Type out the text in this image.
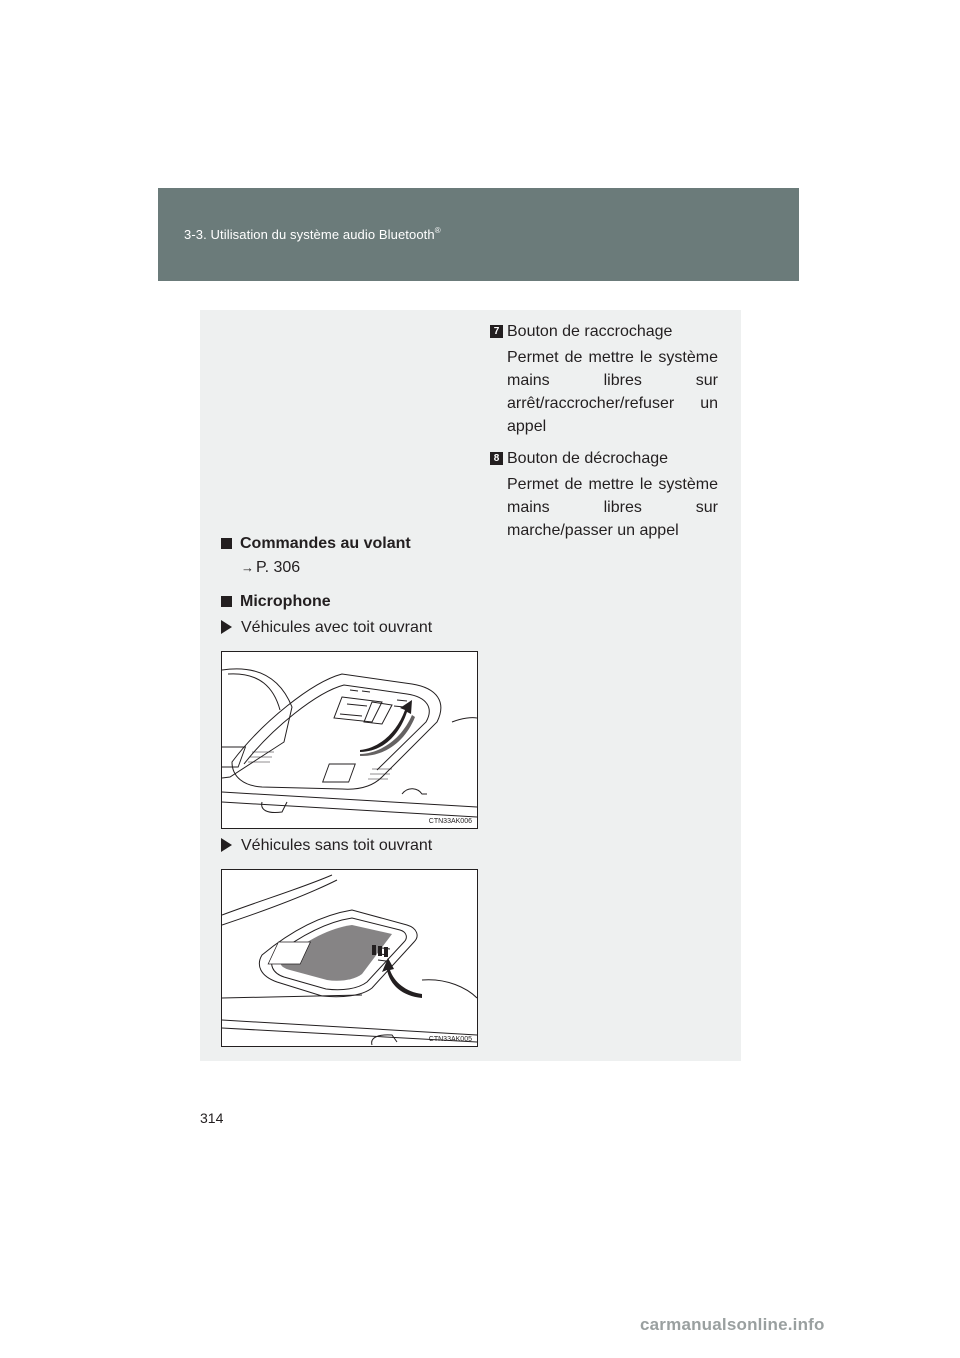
3-3. Utilisation du système audio Bluetooth®
7 Bouton de raccrochage
Permet de mettre le système mains libres sur arrêt/raccrocher/refuser un appel
8 Bouton de décrochage
Permet de mettre le système mains libres sur marche/passer un appel
Commandes au volant
→ P. 306
Microphone
Véhicules avec toit ouvrant
CTN33AK006
Véhicules sans toit ouvrant
CTN33AK005
314
carmanualsonline.info
